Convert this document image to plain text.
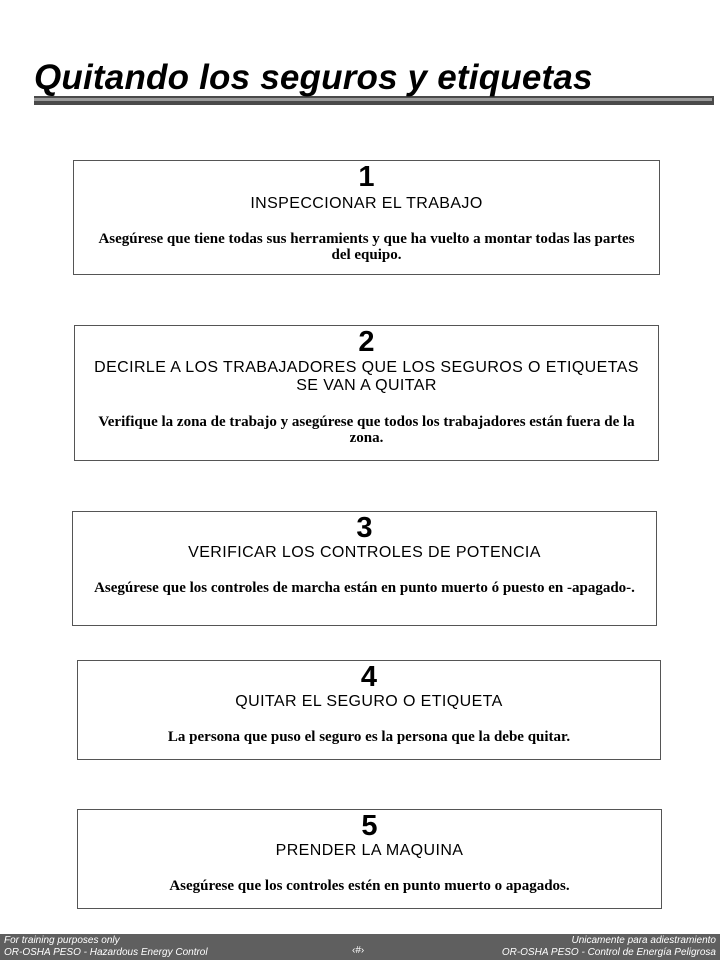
Quitando los seguros y etiquetas
1
INSPECCIONAR EL TRABAJO
Asegúrese que tiene todas sus herramients y que ha vuelto a montar todas las partes del equipo.
2
DECIRLE A LOS TRABAJADORES QUE LOS SEGUROS O ETIQUETAS SE VAN A QUITAR
Verifique la zona de trabajo y asegúrese que todos los trabajadores están fuera de la zona.
3
VERIFICAR LOS CONTROLES DE POTENCIA
Asegúrese que los controles de marcha están en punto muerto ó puesto en -apagado-.
4
QUITAR EL SEGURO O ETIQUETA
La persona que puso el seguro es la persona que la debe quitar.
5
PRENDER LA MAQUINA
Asegúrese que los controles estén en punto muerto o apagados.
For training purposes only
OR-OSHA PESO - Hazardous Energy Control	‹#›
Unicamente para adiestramiento
OR-OSHA PESO - Control de Energía Peligrosa
